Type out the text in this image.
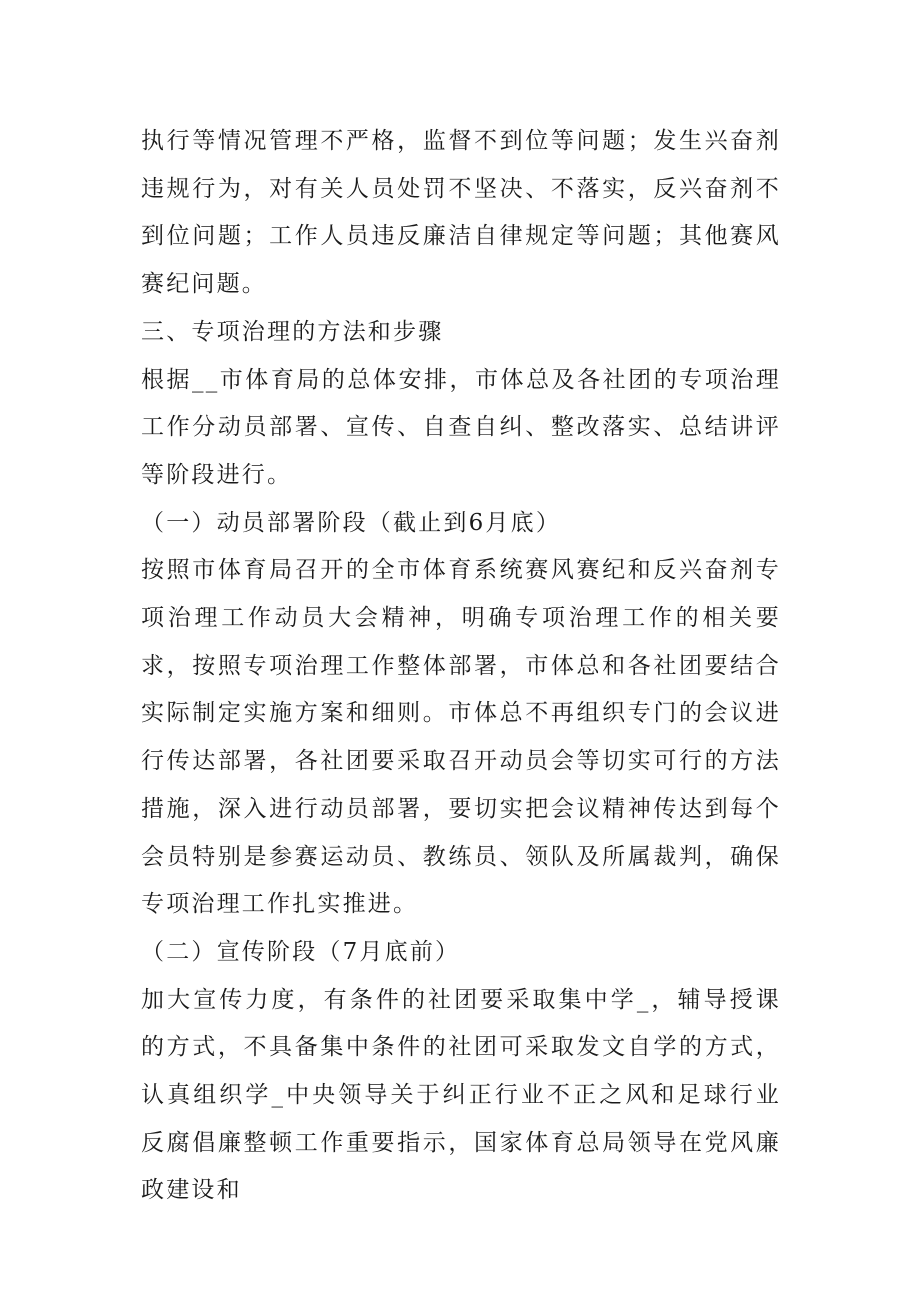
执行等情况管理不严格，监督不到位等问题；发生兴奋剂违规行为，对有关人员处罚不坚决、不落实，反兴奋剂不到位问题；工作人员违反廉洁自律规定等问题；其他赛风赛纪问题。

三、专项治理的方法和步骤

根据__市体育局的总体安排，市体总及各社团的专项治理工作分动员部署、宣传、自查自纠、整改落实、总结讲评等阶段进行。

（一）动员部署阶段（截止到6月底）

按照市体育局召开的全市体育系统赛风赛纪和反兴奋剂专项治理工作动员大会精神，明确专项治理工作的相关要求，按照专项治理工作整体部署，市体总和各社团要结合实际制定实施方案和细则。市体总不再组织专门的会议进行传达部署，各社团要采取召开动员会等切实可行的方法措施，深入进行动员部署，要切实把会议精神传达到每个会员特别是参赛运动员、教练员、领队及所属裁判，确保专项治理工作扎实推进。

（二）宣传阶段（7月底前）

加大宣传力度，有条件的社团要采取集中学_，辅导授课的方式，不具备集中条件的社团可采取发文自学的方式，认真组织学_中央领导关于纠正行业不正之风和足球行业反腐倡廉整顿工作重要指示，国家体育总局领导在党风廉政建设和
